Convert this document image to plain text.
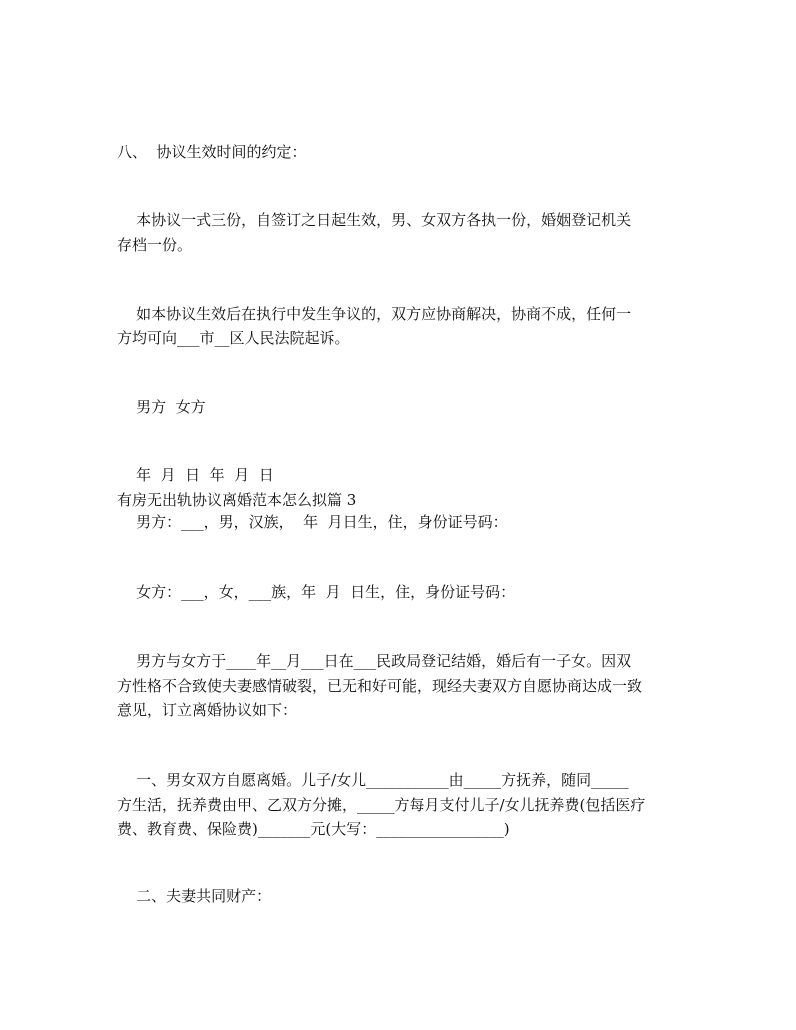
八、  协议生效时间的约定：

本协议一式三份，自签订之日起生效，男、女双方各执一份，婚姻登记机关

存档一份。

如本协议生效后在执行中发生争议的，双方应协商解决，协商不成，任何一

方均可向___市__区人民法院起诉。

男方  女方

年  月  日  年  月  日

有房无出轨协议离婚范本怎么拟篇 3

男方：___，男，汉族，  年  月日生，住，身份证号码：

女方：___，女，___族，年  月  日生，住，身份证号码：

男方与女方于____年__月___日在___民政局登记结婚，婚后有一子女。因双

方性格不合致使夫妻感情破裂，已无和好可能，现经夫妻双方自愿协商达成一致

意见，订立离婚协议如下：

一、男女双方自愿离婚。儿子/女儿___________由_____方抚养，随同_____

方生活，抚养费由甲、乙双方分摊，_____方每月支付儿子/女儿抚养费(包括医疗

费、教育费、保险费)_______元(大写：_________________)

二、夫妻共同财产：
